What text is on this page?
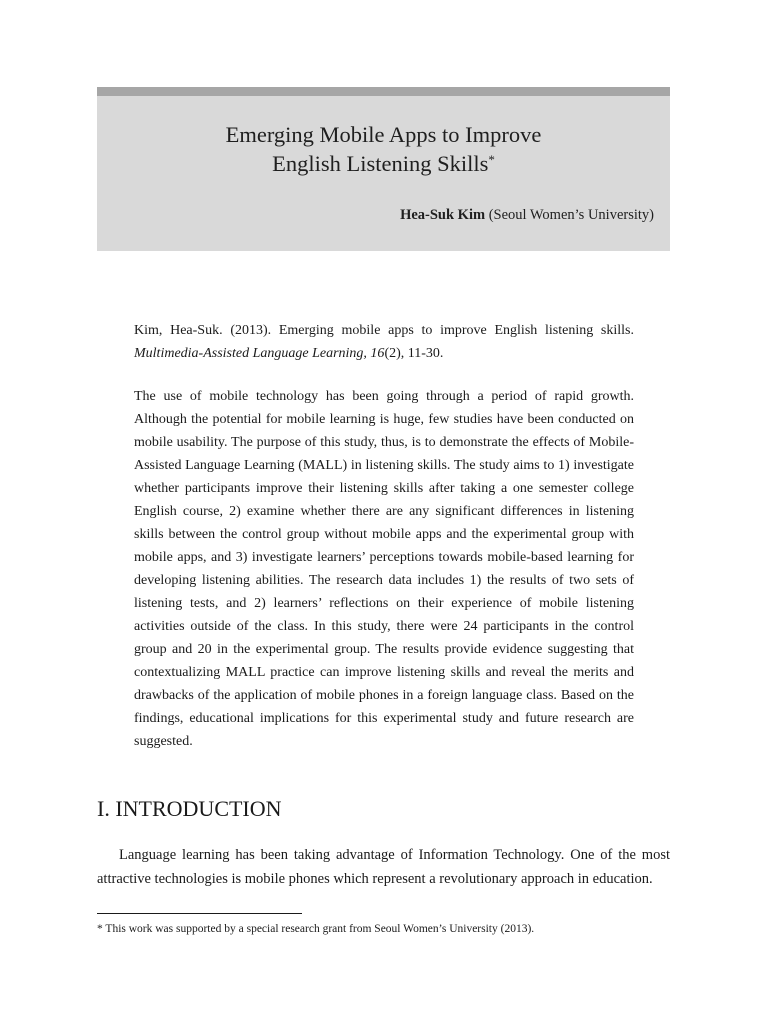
Emerging Mobile Apps to Improve
English Listening Skills*
Hea-Suk Kim (Seoul Women’s University)

Kim, Hea-Suk. (2013). Emerging mobile apps to improve English listening skills. Multimedia-Assisted Language Learning, 16(2), 11-30.

The use of mobile technology has been going through a period of rapid growth. Although the potential for mobile learning is huge, few studies have been conducted on mobile usability. The purpose of this study, thus, is to demonstrate the effects of Mobile-Assisted Language Learning (MALL) in listening skills. The study aims to 1) investigate whether participants improve their listening skills after taking a one semester college English course, 2) examine whether there are any significant differences in listening skills between the control group without mobile apps and the experimental group with mobile apps, and 3) investigate learners’ perceptions towards mobile-based learning for developing listening abilities. The research data includes 1) the results of two sets of listening tests, and 2) learners’ reflections on their experience of mobile listening activities outside of the class. In this study, there were 24 participants in the control group and 20 in the experimental group. The results provide evidence suggesting that contextualizing MALL practice can improve listening skills and reveal the merits and drawbacks of the application of mobile phones in a foreign language class. Based on the findings, educational implications for this experimental study and future research are suggested.

I. INTRODUCTION

Language learning has been taking advantage of Information Technology. One of the most attractive technologies is mobile phones which represent a revolutionary approach in education.

* This work was supported by a special research grant from Seoul Women’s University (2013).
